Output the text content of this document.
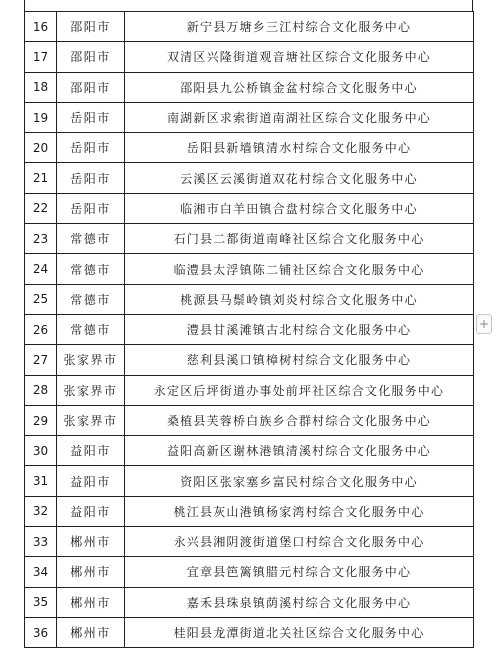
16	邵阳市	新宁县万塘乡三江村综合文化服务中心
17	邵阳市	双清区兴隆街道观音塘社区综合文化服务中心
18	邵阳市	邵阳县九公桥镇金盆村综合文化服务中心
19	岳阳市	南湖新区求索街道南湖社区综合文化服务中心
20	岳阳市	岳阳县新墙镇清水村综合文化服务中心
21	岳阳市	云溪区云溪街道双花村综合文化服务中心
22	岳阳市	临湘市白羊田镇合盘村综合文化服务中心
23	常德市	石门县二都街道南峰社区综合文化服务中心
24	常德市	临澧县太浮镇陈二铺社区综合文化服务中心
25	常德市	桃源县马鬃岭镇刘炎村综合文化服务中心
26	常德市	澧县甘溪滩镇古北村综合文化服务中心
27	张家界市	慈利县溪口镇樟树村综合文化服务中心
28	张家界市	永定区后坪街道办事处前坪社区综合文化服务中心
29	张家界市	桑植县芙蓉桥白族乡合群村综合文化服务中心
30	益阳市	益阳高新区谢林港镇清溪村综合文化服务中心
31	益阳市	资阳区张家塞乡富民村综合文化服务中心
32	益阳市	桃江县灰山港镇杨家湾村综合文化服务中心
33	郴州市	永兴县湘阴渡街道堡口村综合文化服务中心
34	郴州市	宜章县笆篱镇腊元村综合文化服务中心
35	郴州市	嘉禾县珠泉镇荫溪村综合文化服务中心
36	郴州市	桂阳县龙潭街道北关社区综合文化服务中心
+
